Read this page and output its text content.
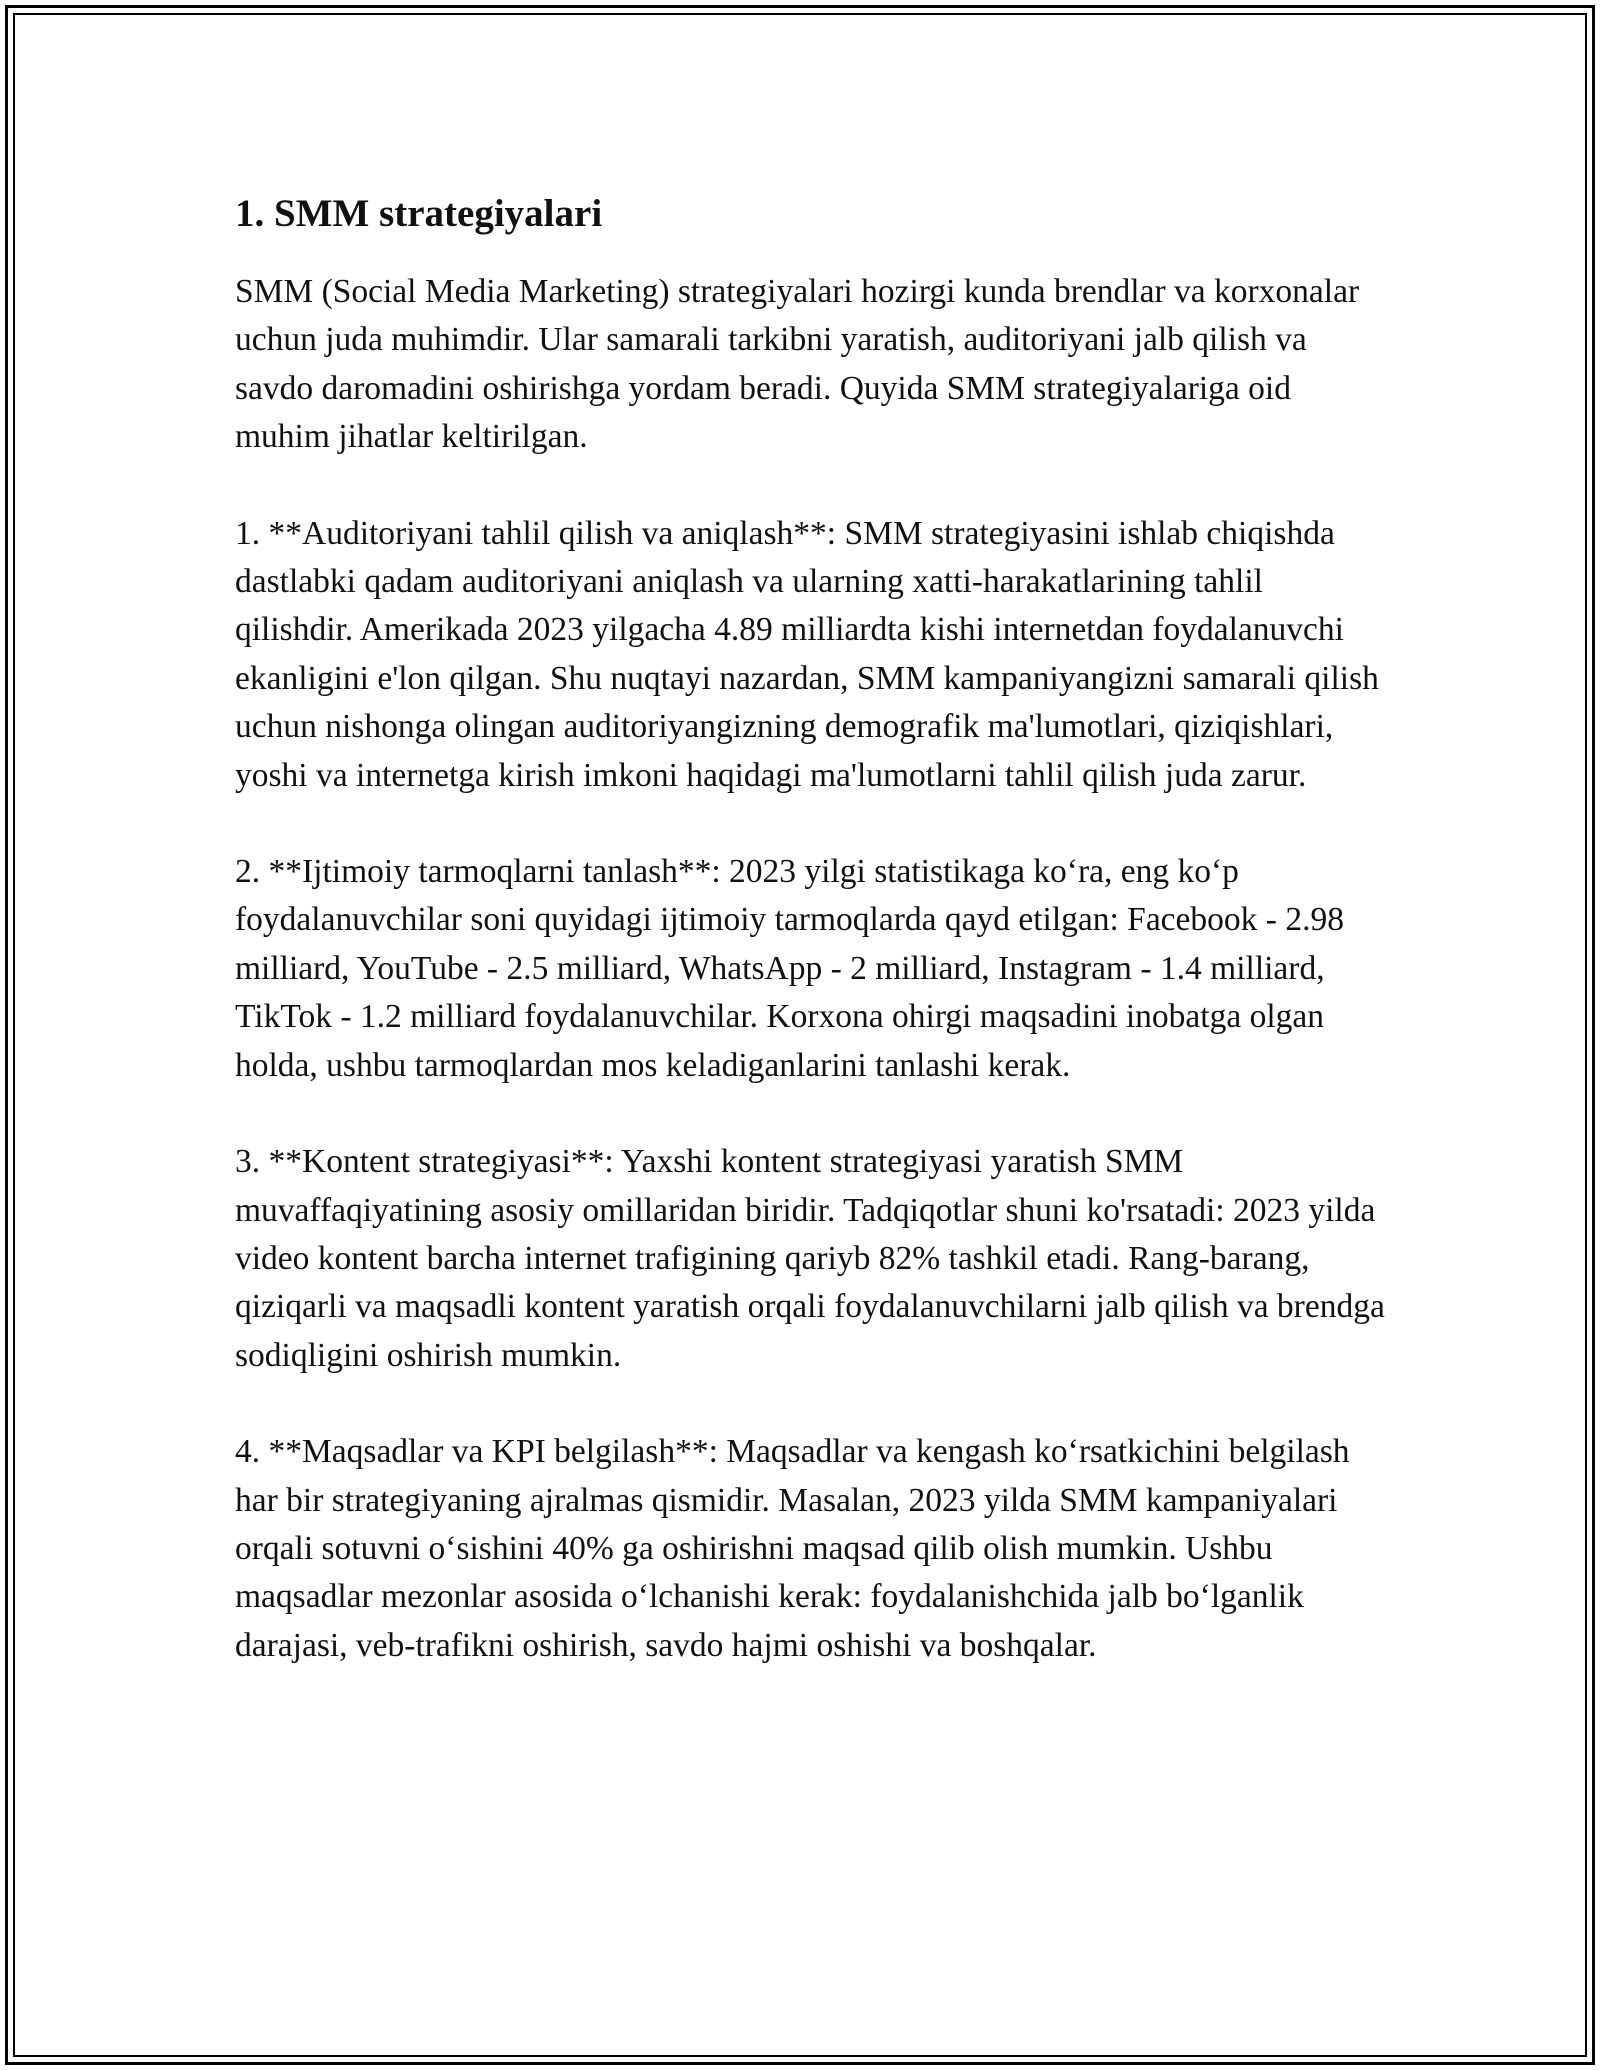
1. SMM strategiyalari

SMM (Social Media Marketing) strategiyalari hozirgi kunda brendlar va korxonalar uchun juda muhimdir. Ular samarali tarkibni yaratish, auditoriyani jalb qilish va savdo daromadini oshirishga yordam beradi. Quyida SMM strategiyalariga oid muhim jihatlar keltirilgan.

1. **Auditoriyani tahlil qilish va aniqlash**: SMM strategiyasini ishlab chiqishda dastlabki qadam auditoriyani aniqlash va ularning xatti-harakatlarining tahlil qilishdir. Amerikada 2023 yilgacha 4.89 milliardta kishi internetdan foydalanuvchi ekanligini e'lon qilgan. Shu nuqtayi nazardan, SMM kampaniyangizni samarali qilish uchun nishonga olingan auditoriyangizning demografik ma'lumotlari, qiziqishlari, yoshi va internetga kirish imkoni haqidagi ma'lumotlarni tahlil qilish juda zarur.

2. **Ijtimoiy tarmoqlarni tanlash**: 2023 yilgi statistikaga koʻra, eng koʻp foydalanuvchilar soni quyidagi ijtimoiy tarmoqlarda qayd etilgan: Facebook - 2.98 milliard, YouTube - 2.5 milliard, WhatsApp - 2 milliard, Instagram - 1.4 milliard, TikTok - 1.2 milliard foydalanuvchilar. Korxona ohirgi maqsadini inobatga olgan holda, ushbu tarmoqlardan mos keladiganlarini tanlashi kerak.

3. **Kontent strategiyasi**: Yaxshi kontent strategiyasi yaratish SMM muvaffaqiyatining asosiy omillaridan biridir. Tadqiqotlar shuni ko'rsatadi: 2023 yilda video kontent barcha internet trafigining qariyb 82% tashkil etadi. Rang-barang, qiziqarli va maqsadli kontent yaratish orqali foydalanuvchilarni jalb qilish va brendga sodiqligini oshirish mumkin.

4. **Maqsadlar va KPI belgilash**: Maqsadlar va kengash koʻrsatkichini belgilash har bir strategiyaning ajralmas qismidir. Masalan, 2023 yilda SMM kampaniyalari orqali sotuvni oʻsishini 40% ga oshirishni maqsad qilib olish mumkin. Ushbu maqsadlar mezonlar asosida oʻlchanishi kerak: foydalanishchida jalb boʻlganlik darajasi, veb-trafikni oshirish, savdo hajmi oshishi va boshqalar.
